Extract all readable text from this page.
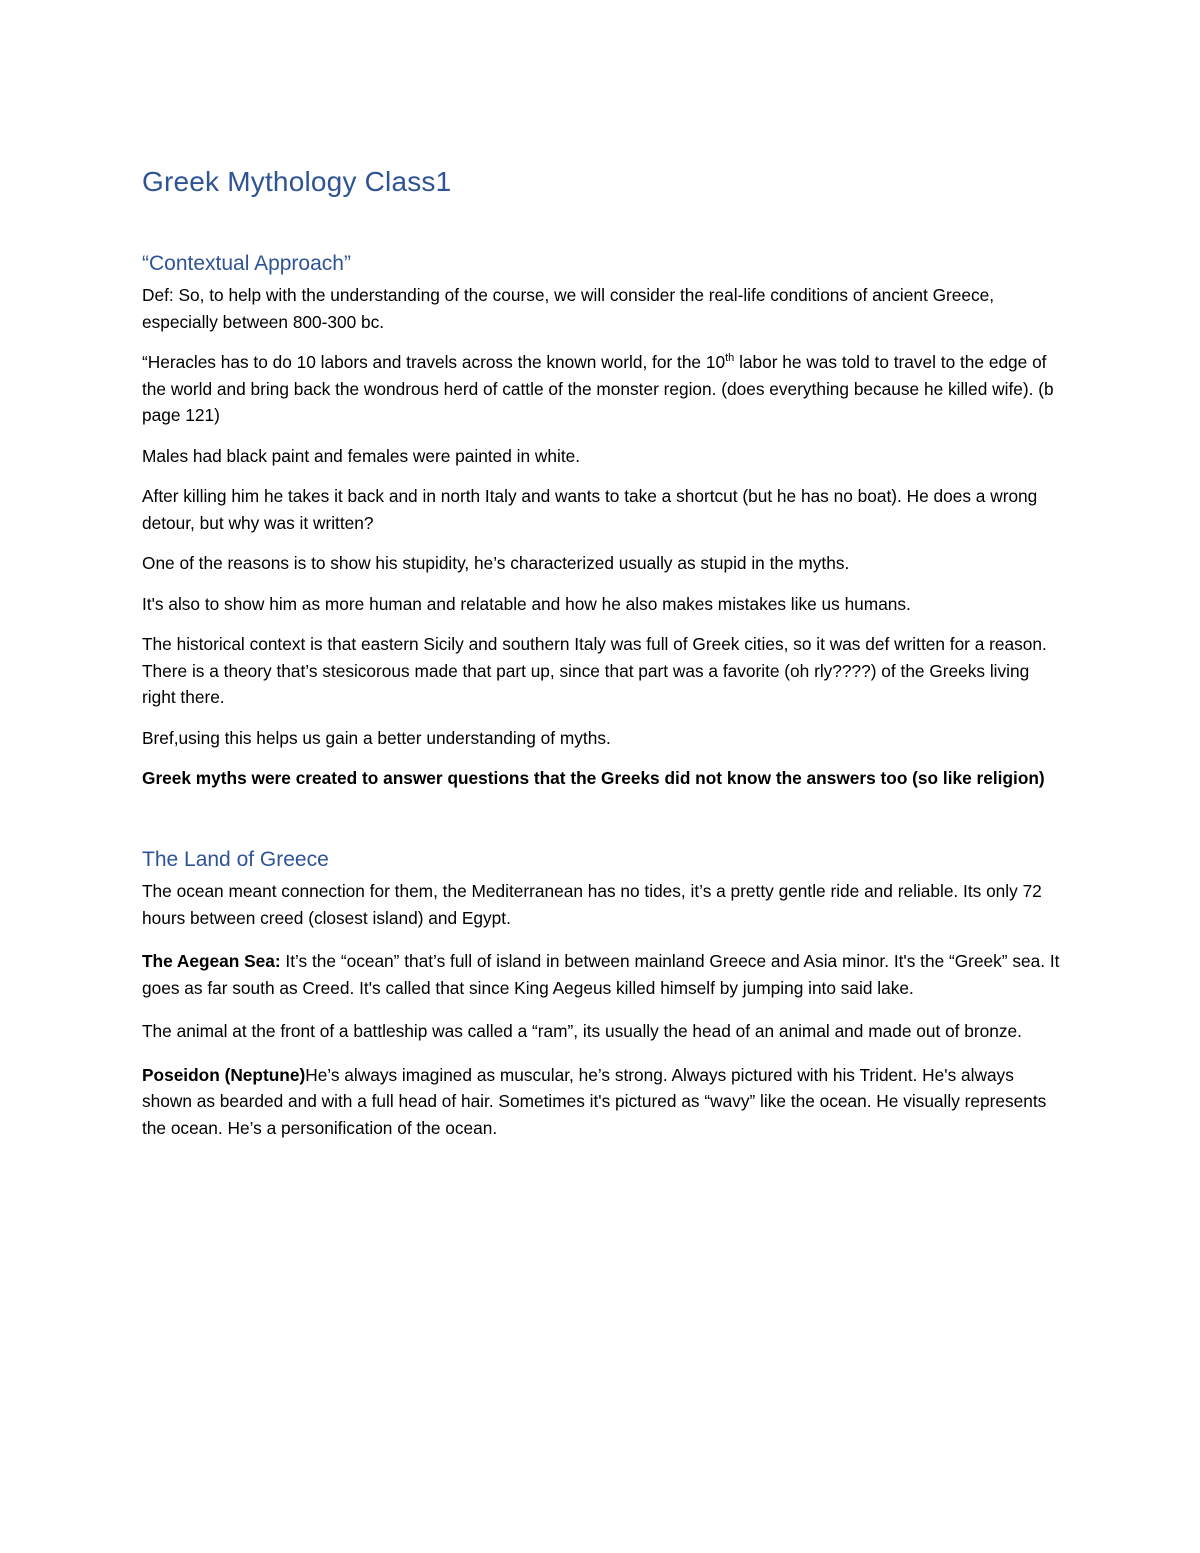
Greek Mythology Class1
“Contextual Approach”

Def: So, to help with the understanding of the course, we will consider the real-life conditions of ancient Greece, especially between 800-300 bc.

“Heracles has to do 10 labors and travels across the known world, for the 10th labor he was told to travel to the edge of the world and bring back the wondrous herd of cattle of the monster region. (does everything because he killed wife). (b page 121)

Males had black paint and females were painted in white.

After killing him he takes it back and in north Italy and wants to take a shortcut (but he has no boat). He does a wrong detour, but why was it written?

One of the reasons is to show his stupidity, he’s characterized usually as stupid in the myths.

It's also to show him as more human and relatable and how he also makes mistakes like us humans.

The historical context is that eastern Sicily and southern Italy was full of Greek cities, so it was def written for a reason. There is a theory that’s stesicorous made that part up, since that part was a favorite (oh rly????) of the Greeks living right there.

Bref,using this helps us gain a better understanding of myths.

Greek myths were created to answer questions that the Greeks did not know the answers too (so like religion)

The Land of Greece

The ocean meant connection for them, the Mediterranean has no tides, it’s a pretty gentle ride and reliable. Its only 72 hours between creed (closest island) and Egypt.

The Aegean Sea: It’s the “ocean” that’s full of island in between mainland Greece and Asia minor. It's the “Greek” sea. It goes as far south as Creed. It's called that since King Aegeus killed himself by jumping into said lake.

The animal at the front of a battleship was called a “ram”, its usually the head of an animal and made out of bronze.

Poseidon (Neptune)He’s always imagined as muscular, he’s strong. Always pictured with his Trident. He's always shown as bearded and with a full head of hair. Sometimes it's pictured as “wavy” like the ocean. He visually represents the ocean. He’s a personification of the ocean.
